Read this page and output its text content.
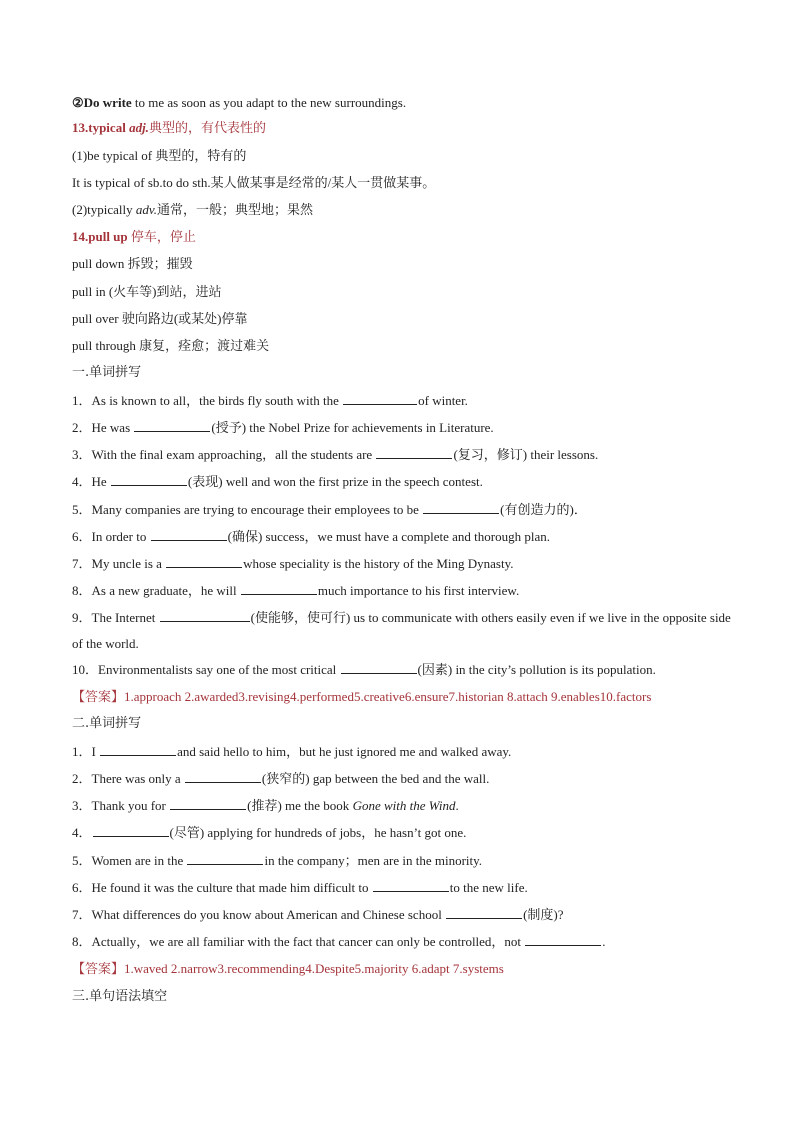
②Do write to me as soon as you adapt to the new surroundings.
13.typical adj.典型的，有代表性的
(1)be typical of 典型的，特有的
It is typical of sb.to do sth.某人做某事是经常的/某人一贯做某事。
(2)typically adv.通常，一般；典型地；果然
14.pull up 停车，停止
pull down 拆毁；摧毁
pull in (火车等)到站，进站
pull over 驶向路边(或某处)停靠
pull through 康复，痊愈；渡过难关
一.单词拼写
1．As is known to all，the birds fly south with the	of winter.
2．He was	(授予) the Nobel Prize for achievements in Literature.
3．With the final exam approaching，all the students are	(复习，修订) their lessons.
4．He	(表现) well and won the first prize in the speech contest.
5．Many companies are trying to encourage their employees to be	(有创造力的)．
6．In order to	(确保) success，we must have a complete and thorough plan.
7．My uncle is a	whose speciality is the history of the Ming Dynasty.
8．As a new graduate，he will	much importance to his first interview.
9．The Internet	(使能够，使可行) us to communicate with others easily even if we live in the opposite side of the world.
10．Environmentalists say one of the most critical	(因素) in the city’s pollution is its population.
【答案】1.approach 2.awarded3.revising4.performed5.creative6.ensure7.historian 8.attach 9.enables10.factors
二.单词拼写
1．I	and said hello to him，but he just ignored me and walked away.
2．There was only a	(狭窄的) gap between the bed and the wall.
3．Thank you for	(推荐) me the book Gone with the Wind.
4．	(尽管) applying for hundreds of jobs，he hasn’t got one.
5．Women are in the	in the company；men are in the minority.
6．He found it was the culture that made him difficult to	to the new life.
7．What differences do you know about American and Chinese school	(制度)?
8．Actually，we are all familiar with the fact that cancer can only be controlled，not	.
【答案】1.waved 2.narrow3.recommending4.Despite5.majority 6.adapt 7.systems
三.单句语法填空
